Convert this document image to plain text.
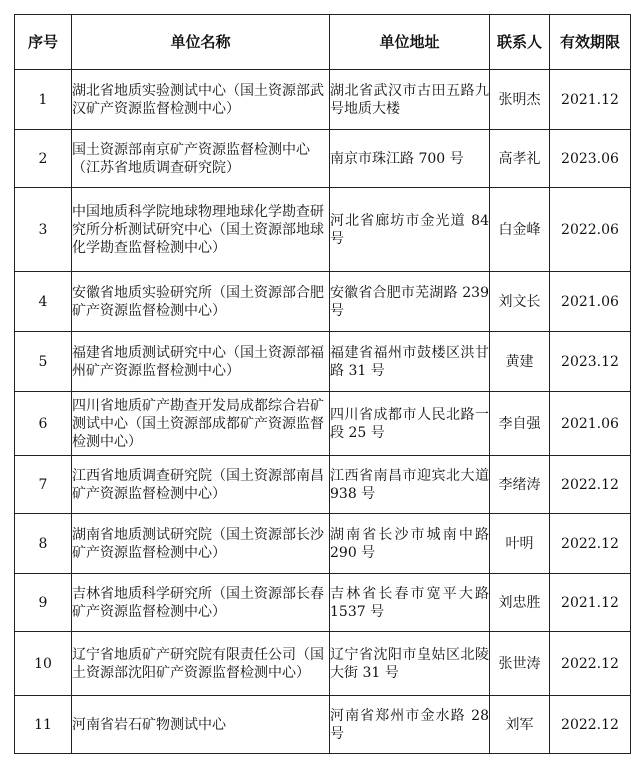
序号	单位名称	单位地址	联系人	有效期限
1	湖北省地质实验测试中心（国土资源部武汉矿产资源监督检测中心）	湖北省武汉市古田五路九号地质大楼	张明杰	2021.12
2	国土资源部南京矿产资源监督检测中心（江苏省地质调查研究院）	南京市珠江路 700 号	高孝礼	2023.06
3	中国地质科学院地球物理地球化学勘查研究所分析测试研究中心（国土资源部地球化学勘查监督检测中心）	河北省廊坊市金光道 84 号	白金峰	2022.06
4	安徽省地质实验研究所（国土资源部合肥矿产资源监督检测中心）	安徽省合肥市芜湖路 239 号	刘文长	2021.06
5	福建省地质测试研究中心（国土资源部福州矿产资源监督检测中心）	福建省福州市鼓楼区洪甘路 31 号	黄建	2023.12
6	四川省地质矿产勘查开发局成都综合岩矿测试中心（国土资源部成都矿产资源监督检测中心）	四川省成都市人民北路一段 25 号	李自强	2021.06
7	江西省地质调查研究院（国土资源部南昌矿产资源监督检测中心）	江西省南昌市迎宾北大道 938 号	李绪涛	2022.12
8	湖南省地质测试研究院（国土资源部长沙矿产资源监督检测中心）	湖南省长沙市城南中路 290 号	叶明	2022.12
9	吉林省地质科学研究所（国土资源部长春矿产资源监督检测中心）	吉林省长春市宽平大路 1537 号	刘忠胜	2021.12
10	辽宁省地质矿产研究院有限责任公司（国土资源部沈阳矿产资源监督检测中心）	辽宁省沈阳市皇姑区北陵大街 31 号	张世涛	2022.12
11	河南省岩石矿物测试中心	河南省郑州市金水路 28 号	刘军	2022.12
